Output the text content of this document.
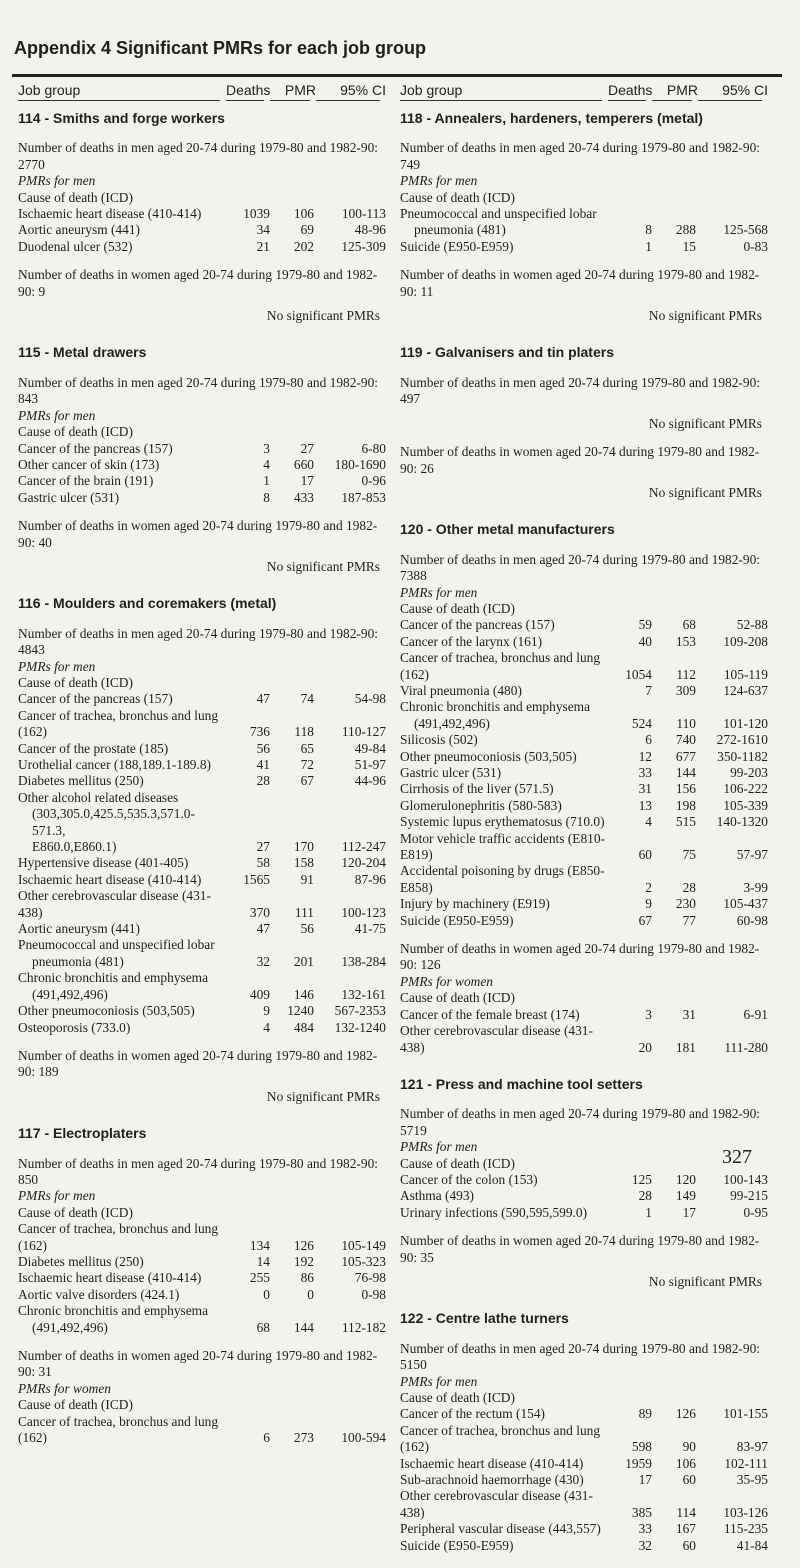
Appendix 4 Significant PMRs for each job group
Job group	Deaths	PMR	95% CI
114 - Smiths and forge workers

Number of deaths in men aged 20-74 during 1979-80 and 1982-90: 2770

PMRs for men
Cause of death (ICD)
Ischaemic heart disease (410-414)	1039	106	100-113
Aortic aneurysm (441)	34	69	48-96
Duodenal ulcer (532)	21	202	125-309

Number of deaths in women aged 20-74 during 1979-80 and 1982-90: 9

No significant PMRs

115 - Metal drawers

Number of deaths in men aged 20-74 during 1979-80 and 1982-90: 843

PMRs for men
Cause of death (ICD)
Cancer of the pancreas (157)	3	27	6-80
Other cancer of skin (173)	4	660	180-1690
Cancer of the brain (191)	1	17	0-96
Gastric ulcer (531)	8	433	187-853

Number of deaths in women aged 20-74 during 1979-80 and 1982-90: 40

No significant PMRs

116 - Moulders and coremakers (metal)

Number of deaths in men aged 20-74 during 1979-80 and 1982-90: 4843

PMRs for men
Cause of death (ICD)
Cancer of the pancreas (157)	47	74	54-98
Cancer of trachea, bronchus and lung (162)	736	118	110-127
Cancer of the prostate (185)	56	65	49-84
Urothelial cancer (188,189.1-189.8)	41	72	51-97
Diabetes mellitus (250)	28	67	44-96
Other alcohol related diseases
(303,305.0,425.5,535.3,571.0-571.3,
E860.0,E860.1)	27	170	112-247
Hypertensive disease (401-405)	58	158	120-204
Ischaemic heart disease (410-414)	1565	91	87-96
Other cerebrovascular disease (431-438)	370	111	100-123
Aortic aneurysm (441)	47	56	41-75
Pneumococcal and unspecified lobar
pneumonia (481)	32	201	138-284
Chronic bronchitis and emphysema
(491,492,496)	409	146	132-161
Other pneumoconiosis (503,505)	9	1240	567-2353
Osteoporosis (733.0)	4	484	132-1240

Number of deaths in women aged 20-74 during 1979-80 and 1982-90: 189

No significant PMRs

117 - Electroplaters

Number of deaths in men aged 20-74 during 1979-80 and 1982-90: 850

PMRs for men
Cause of death (ICD)
Cancer of trachea, bronchus and lung (162)	134	126	105-149
Diabetes mellitus (250)	14	192	105-323
Ischaemic heart disease (410-414)	255	86	76-98
Aortic valve disorders (424.1)	0	0	0-98
Chronic bronchitis and emphysema
(491,492,496)	68	144	112-182

Number of deaths in women aged 20-74 during 1979-80 and 1982-90: 31

PMRs for women
Cause of death (ICD)
Cancer of trachea, bronchus and lung (162)	6	273	100-594
Job group	Deaths	PMR	95% CI
118 - Annealers, hardeners, temperers (metal)

Number of deaths in men aged 20-74 during 1979-80 and 1982-90: 749

PMRs for men
Cause of death (ICD)
Pneumococcal and unspecified lobar
pneumonia (481)	8	288	125-568
Suicide (E950-E959)	1	15	0-83

Number of deaths in women aged 20-74 during 1979-80 and 1982-90: 11

No significant PMRs

119 - Galvanisers and tin platers

Number of deaths in men aged 20-74 during 1979-80 and 1982-90: 497

No significant PMRs

Number of deaths in women aged 20-74 during 1979-80 and 1982-90: 26

No significant PMRs

120 - Other metal manufacturers

Number of deaths in men aged 20-74 during 1979-80 and 1982-90: 7388

PMRs for men
Cause of death (ICD)
Cancer of the pancreas (157)	59	68	52-88
Cancer of the larynx (161)	40	153	109-208
Cancer of trachea, bronchus and lung (162)	1054	112	105-119
Viral pneumonia (480)	7	309	124-637
Chronic bronchitis and emphysema
(491,492,496)	524	110	101-120
Silicosis (502)	6	740	272-1610
Other pneumoconiosis (503,505)	12	677	350-1182
Gastric ulcer (531)	33	144	99-203
Cirrhosis of the liver (571.5)	31	156	106-222
Glomerulonephritis (580-583)	13	198	105-339
Systemic lupus erythematosus (710.0)	4	515	140-1320
Motor vehicle traffic accidents (E810-E819)	60	75	57-97
Accidental poisoning by drugs (E850-E858)	2	28	3-99
Injury by machinery (E919)	9	230	105-437
Suicide (E950-E959)	67	77	60-98

Number of deaths in women aged 20-74 during 1979-80 and 1982-90: 126

PMRs for women
Cause of death (ICD)
Cancer of the female breast (174)	3	31	6-91
Other cerebrovascular disease (431-438)	20	181	111-280
121 - Press and machine tool setters

Number of deaths in men aged 20-74 during 1979-80 and 1982-90: 5719

PMRs for men
Cause of death (ICD)
Cancer of the colon (153)	125	120	100-143
Asthma (493)	28	149	99-215
Urinary infections (590,595,599.0)	1	17	0-95

Number of deaths in women aged 20-74 during 1979-80 and 1982-90: 35

No significant PMRs

122 - Centre lathe turners

Number of deaths in men aged 20-74 during 1979-80 and 1982-90: 5150

PMRs for men
Cause of death (ICD)
Cancer of the rectum (154)	89	126	101-155
Cancer of trachea, bronchus and lung (162)	598	90	83-97
Ischaemic heart disease (410-414)	1959	106	102-111
Sub-arachnoid haemorrhage (430)	17	60	35-95
Other cerebrovascular disease (431-438)	385	114	103-126
Peripheral vascular disease (443,557)	33	167	115-235
Suicide (E950-E959)	32	60	41-84
327
